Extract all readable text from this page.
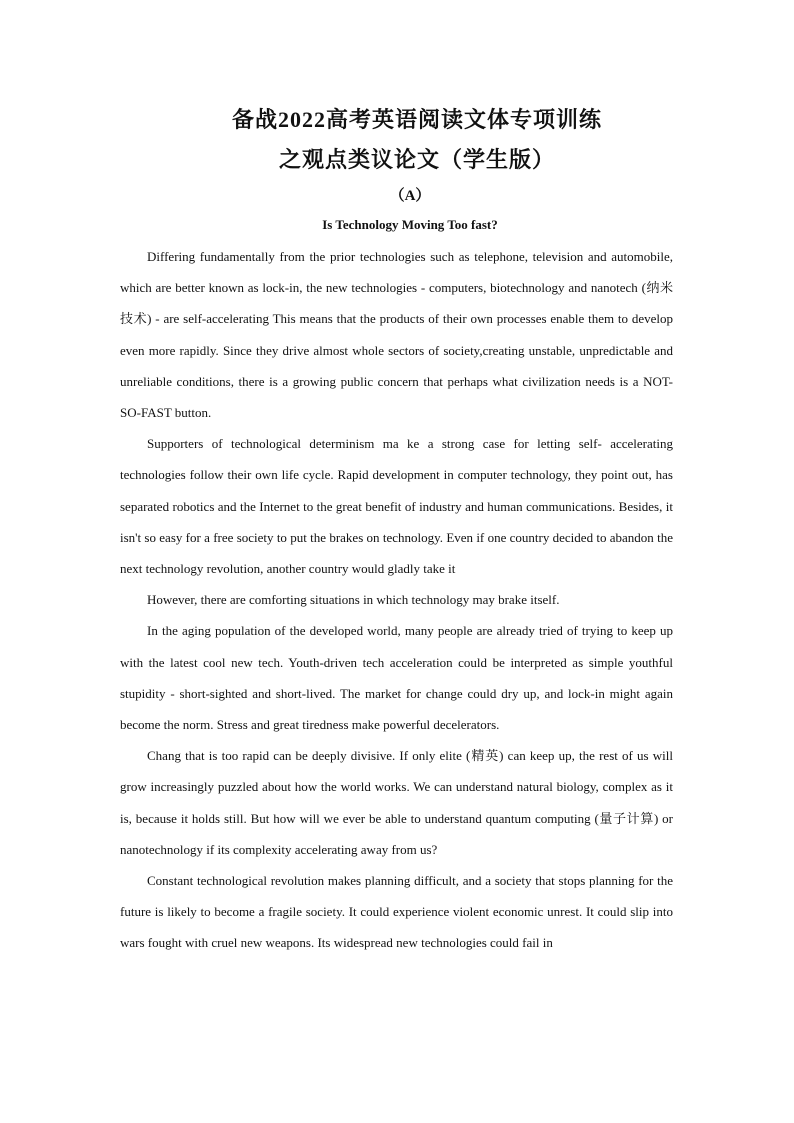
备战2022高考英语阅读文体专项训练
之观点类议论文（学生版）
（A）
Is Technology Moving Too fast?

Differing fundamentally from the prior technologies such as telephone, television and automobile, which are better known as lock-in, the new technologies - computers, biotechnology and nanotech (纳米技术) - are self-accelerating This means that the products of their own processes enable them to develop even more rapidly. Since they drive almost whole sectors of society,creating unstable, unpredictable and unreliable conditions, there is a growing public concern that perhaps what civilization needs is a NOT-SO-FAST button.

Supporters of technological determinism ma ke a strong case for letting self- accelerating technologies follow their own life cycle. Rapid development in computer technology, they point out, has separated robotics and the Internet to the great benefit of industry and human communications. Besides, it isn't so easy for a free society to put the brakes on technology. Even if one country decided to abandon the next technology revolution, another country would gladly take it

However, there are comforting situations in which technology may brake itself.

In the aging population of the developed world, many people are already tried of trying to keep up with the latest cool new tech. Youth-driven tech acceleration could be interpreted as simple youthful stupidity - short-sighted and short-lived. The market for change could dry up, and lock-in might again become the norm. Stress and great tiredness make powerful decelerators.

Chang that is too rapid can be deeply divisive. If only elite (精英) can keep up, the rest of us will grow increasingly puzzled about how the world works. We can understand natural biology, complex as it is, because it holds still. But how will we ever be able to understand quantum computing (量子计算) or nanotechnology if its complexity accelerating away from us?

Constant technological revolution makes planning difficult, and a society that stops planning for the future is likely to become a fragile society. It could experience violent economic unrest. It could slip into wars fought with cruel new weapons. Its widespread new technologies could fail in
